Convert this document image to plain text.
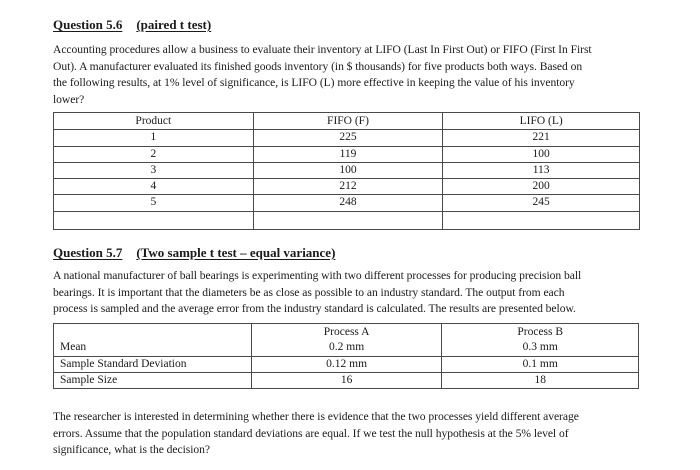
Question 5.6 (paired t test)
Accounting procedures allow a business to evaluate their inventory at LIFO (Last In First Out) or FIFO (First In First
Out). A manufacturer evaluated its finished goods inventory (in $ thousands) for five products both ways. Based on
the following results, at 1% level of significance, is LIFO (L) more effective in keeping the value of his inventory
lower?
Product	FIFO (F)	LIFO (L)
1	225	221
2	119	100
3	100	113
4	212	200
5	248	245

Question 5.7 (Two sample t test – equal variance)
A national manufacturer of ball bearings is experimenting with two different processes for producing precision ball
bearings. It is important that the diameters be as close as possible to an industry standard. The output from each
process is sampled and the average error from the industry standard is calculated. The results are presented below.
	Process A	Process B
Mean	0.2 mm	0.3 mm
Sample Standard Deviation	0.12 mm	0.1 mm
Sample Size	16	18
The researcher is interested in determining whether there is evidence that the two processes yield different average
errors. Assume that the population standard deviations are equal. If we test the null hypothesis at the 5% level of
significance, what is the decision?
